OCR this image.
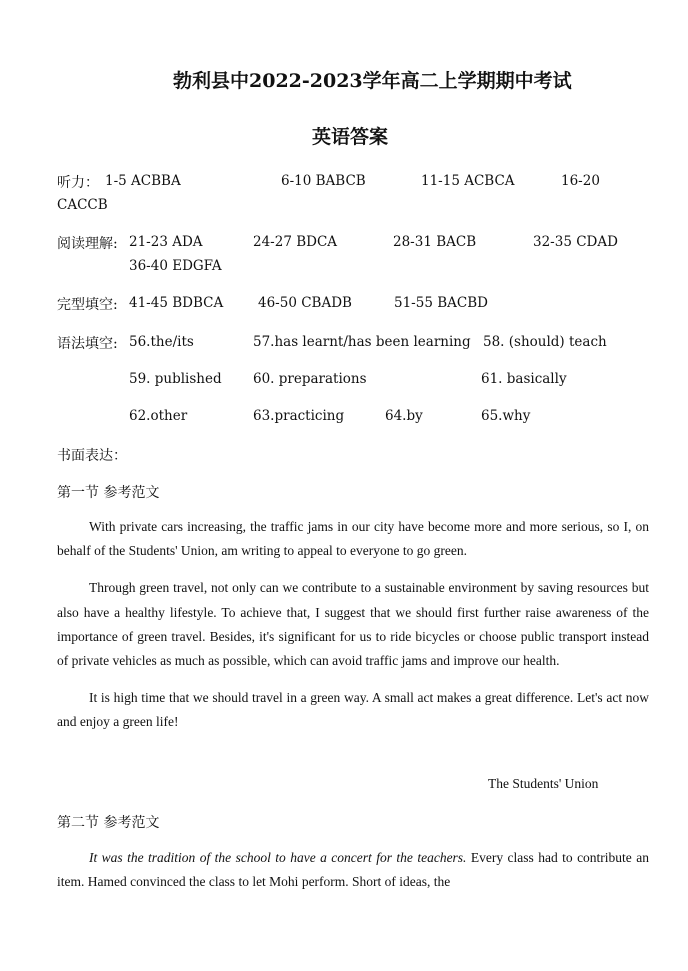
勃利县中2022-2023学年高二上学期期中考试
英语答案
听力： 1-5 ACBBA	6-10 BABCB	11-15 ACBCA	16-20
CACCB
阅读理解: 21-23 ADA	24-27 BDCA	28-31 BACB	32-35 CDAD
36-40 EDGFA
完型填空: 41-45 BDBCA	46-50 CBADB	51-55 BACBD
语法填空: 56.the/its	57.has learnt/has been learning 58. (should) teach
59. published 60. preparations	61. basically
62.other	63.practicing	64.by	65.why
书面表达：
第一节 参考范文

With private cars increasing, the traffic jams in our city have become more and more serious, so I, on behalf of the Students' Union, am writing to appeal to everyone to go green.

Through green travel, not only can we contribute to a sustainable environment by saving resources but also have a healthy lifestyle. To achieve that, I suggest that we should first further raise awareness of the importance of green travel. Besides, it's significant for us to ride bicycles or choose public transport instead of private vehicles as much as possible, which can avoid traffic jams and improve our health.

It is high time that we should travel in a green way. A small act makes a great difference. Let's act now and enjoy a green life!

The Students' Union
第二节 参考范文

It was the tradition of the school to have a concert for the teachers. Every class had to contribute an item. Hamed convinced the class to let Mohi perform. Short of ideas, the
